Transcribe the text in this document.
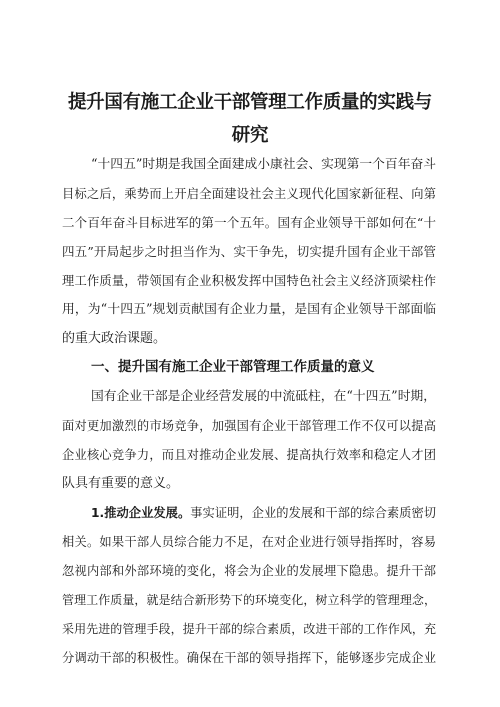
提升国有施工企业干部管理工作质量的实践与
研究
“十四五”时期是我国全面建成小康社会、实现第一个百年奋斗
目标之后，乘势而上开启全面建设社会主义现代化国家新征程、向第
二个百年奋斗目标进军的第一个五年。国有企业领导干部如何在“十
四五”开局起步之时担当作为、实干争先，切实提升国有企业干部管
理工作质量，带领国有企业积极发挥中国特色社会主义经济顶梁柱作
用，为“十四五”规划贡献国有企业力量，是国有企业领导干部面临
的重大政治课题。
一、提升国有施工企业干部管理工作质量的意义
国有企业干部是企业经营发展的中流砥柱，在“十四五”时期，
面对更加激烈的市场竞争，加强国有企业干部管理工作不仅可以提高
企业核心竞争力，而且对推动企业发展、提高执行效率和稳定人才团
队具有重要的意义。
1.推动企业发展。事实证明，企业的发展和干部的综合素质密切
相关。如果干部人员综合能力不足，在对企业进行领导指挥时，容易
忽视内部和外部环境的变化，将会为企业的发展埋下隐患。提升干部
管理工作质量，就是结合新形势下的环境变化，树立科学的管理理念，
采用先进的管理手段，提升干部的综合素质，改进干部的工作作风，充
分调动干部的积极性。确保在干部的领导指挥下，能够逐步完成企业
